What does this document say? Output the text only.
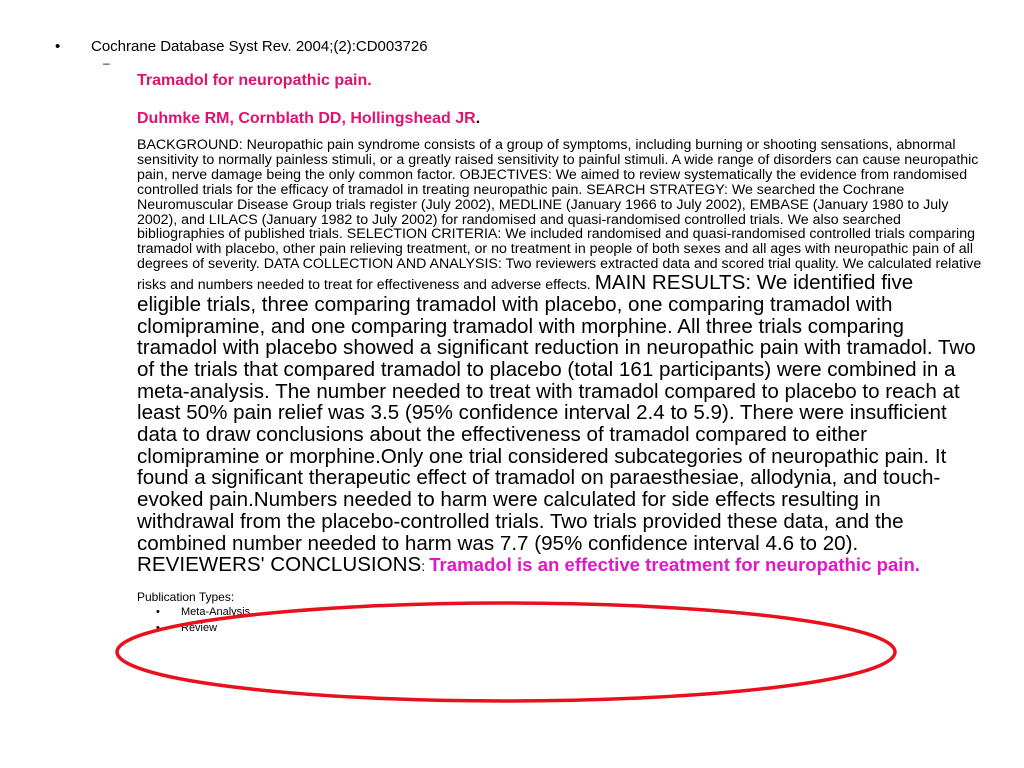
• Cochrane Database Syst Rev. 2004;(2):CD003726
–

Tramadol for neuropathic pain.

Duhmke RM, Cornblath DD, Hollingshead JR.

BACKGROUND: Neuropathic pain syndrome consists of a group of symptoms, including burning or shooting sensations, abnormal sensitivity to normally painless stimuli, or a greatly raised sensitivity to painful stimuli. A wide range of disorders can cause neuropathic pain, nerve damage being the only common factor. OBJECTIVES: We aimed to review systematically the evidence from randomised controlled trials for the efficacy of tramadol in treating neuropathic pain. SEARCH STRATEGY: We searched the Cochrane Neuromuscular Disease Group trials register (July 2002), MEDLINE (January 1966 to July 2002), EMBASE (January 1980 to July 2002), and LILACS (January 1982 to July 2002) for randomised and quasi-randomised controlled trials. We also searched bibliographies of published trials. SELECTION CRITERIA: We included randomised and quasi-randomised controlled trials comparing tramadol with placebo, other pain relieving treatment, or no treatment in people of both sexes and all ages with neuropathic pain of all degrees of severity. DATA COLLECTION AND ANALYSIS: Two reviewers extracted data and scored trial quality. We calculated relative risks and numbers needed to treat for effectiveness and adverse effects. MAIN RESULTS: We identified five eligible trials, three comparing tramadol with placebo, one comparing tramadol with clomipramine, and one comparing tramadol with morphine. All three trials comparing tramadol with placebo showed a significant reduction in neuropathic pain with tramadol. Two of the trials that compared tramadol to placebo (total 161 participants) were combined in a meta-analysis. The number needed to treat with tramadol compared to placebo to reach at least 50% pain relief was 3.5 (95% confidence interval 2.4 to 5.9). There were insufficient data to draw conclusions about the effectiveness of tramadol compared to either clomipramine or morphine.Only one trial considered subcategories of neuropathic pain. It found a significant therapeutic effect of tramadol on paraesthesiae, allodynia, and touch-evoked pain.Numbers needed to harm were calculated for side effects resulting in withdrawal from the placebo-controlled trials. Two trials provided these data, and the combined number needed to harm was 7.7 (95% confidence interval 4.6 to 20). REVIEWERS' CONCLUSIONS: Tramadol is an effective treatment for neuropathic pain.

Publication Types:

• Meta-Analysis
• Review
